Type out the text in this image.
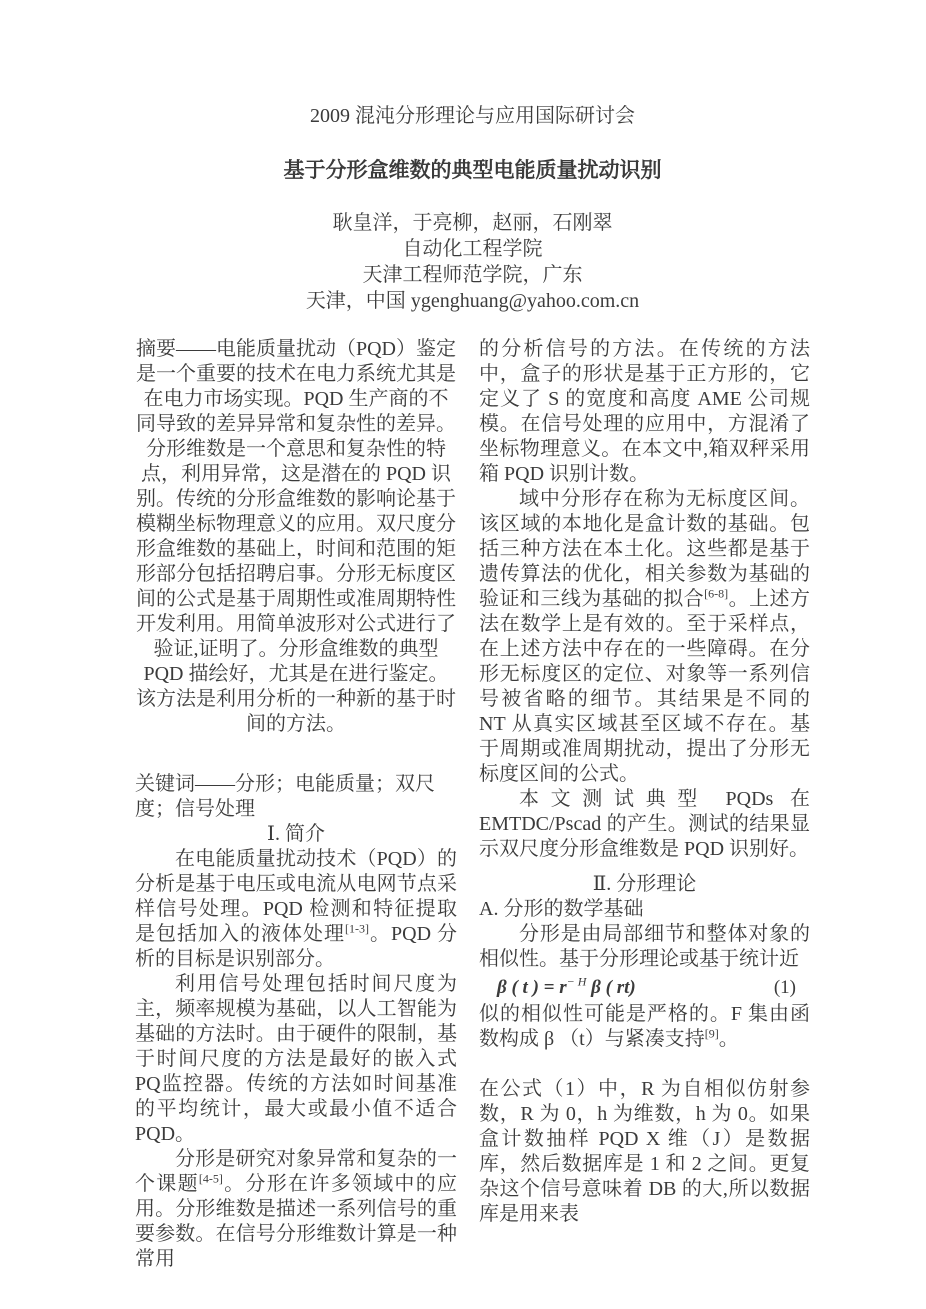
2009 混沌分形理论与应用国际研讨会
基于分形盒维数的典型电能质量扰动识别
耿皇洋，于亮柳，赵丽，石刚翠
自动化工程学院
天津工程师范学院，广东
天津，中国 ygenghuang@yahoo.com.cn

摘要——电能质量扰动（PQD）鉴定是一个重要的技术在电力系统尤其是在电力市场实现。PQD 生产商的不同导致的差异异常和复杂性的差异。分形维数是一个意思和复杂性的特点，利用异常，这是潜在的 PQD 识别。传统的分形盒维数的影响论基于模糊坐标物理意义的应用。双尺度分形盒维数的基础上，时间和范围的矩形部分包括招聘启事。分形无标度区间的公式是基于周期性或准周期特性开发利用。用简单波形对公式进行了验证,证明了。分形盒维数的典型 PQD 描绘好，尤其是在进行鉴定。该方法是利用分析的一种新的基于时间的方法。

关键词——分形；电能质量；双尺度；信号处理

Ⅰ. 简介

在电能质量扰动技术（PQD）的分析是基于电压或电流从电网节点采样信号处理。PQD 检测和特征提取是包括加入的液体处理[1-3]。PQD 分析的目标是识别部分。

利用信号处理包括时间尺度为主，频率规模为基础，以人工智能为基础的方法时。由于硬件的限制，基于时间尺度的方法是最好的嵌入式PQ监控器。传统的方法如时间基准的平均统计，最大或最小值不适合 PQD。

分形是研究对象异常和复杂的一个课题[4-5]。分形在许多领域中的应用。分形维数是描述一系列信号的重要参数。在信号分形维数计算是一种常用

的分析信号的方法。在传统的方法中，盒子的形状是基于正方形的，它定义了 S 的宽度和高度 AME 公司规模。在信号处理的应用中，方混淆了坐标物理意义。在本文中,箱双秤采用箱 PQD 识别计数。

域中分形存在称为无标度区间。该区域的本地化是盒计数的基础。包括三种方法在本土化。这些都是基于遗传算法的优化，相关参数为基础的验证和三线为基础的拟合[6-8]。上述方法在数学上是有效的。至于采样点，在上述方法中存在的一些障碍。在分形无标度区的定位、对象等一系列信号被省略的细节。其结果是不同的 NT 从真实区域甚至区域不存在。基于周期或准周期扰动，提出了分形无标度区间的公式。

本文测试典型 PQDs 在 EMTDC/Pscad 的产生。测试的结果显示双尺度分形盒维数是 PQD 识别好。

Ⅱ. 分形理论

A. 分形的数学基础

分形是由局部细节和整体对象的相似性。基于分形理论或基于统计近

β ( t ) = $r^{- H}$ β ( rt)	(1)

似的相似性可能是严格的。F 集由函数构成 β （t）与紧凑支持[9]。

在公式（1）中，R 为自相似仿射参数，R 为 0，h 为维数，h 为 0。如果盒计数抽样 PQD X 维（J）是数据库，然后数据库是 1 和 2 之间。更复杂这个信号意味着 DB 的大,所以数据库是用来表
